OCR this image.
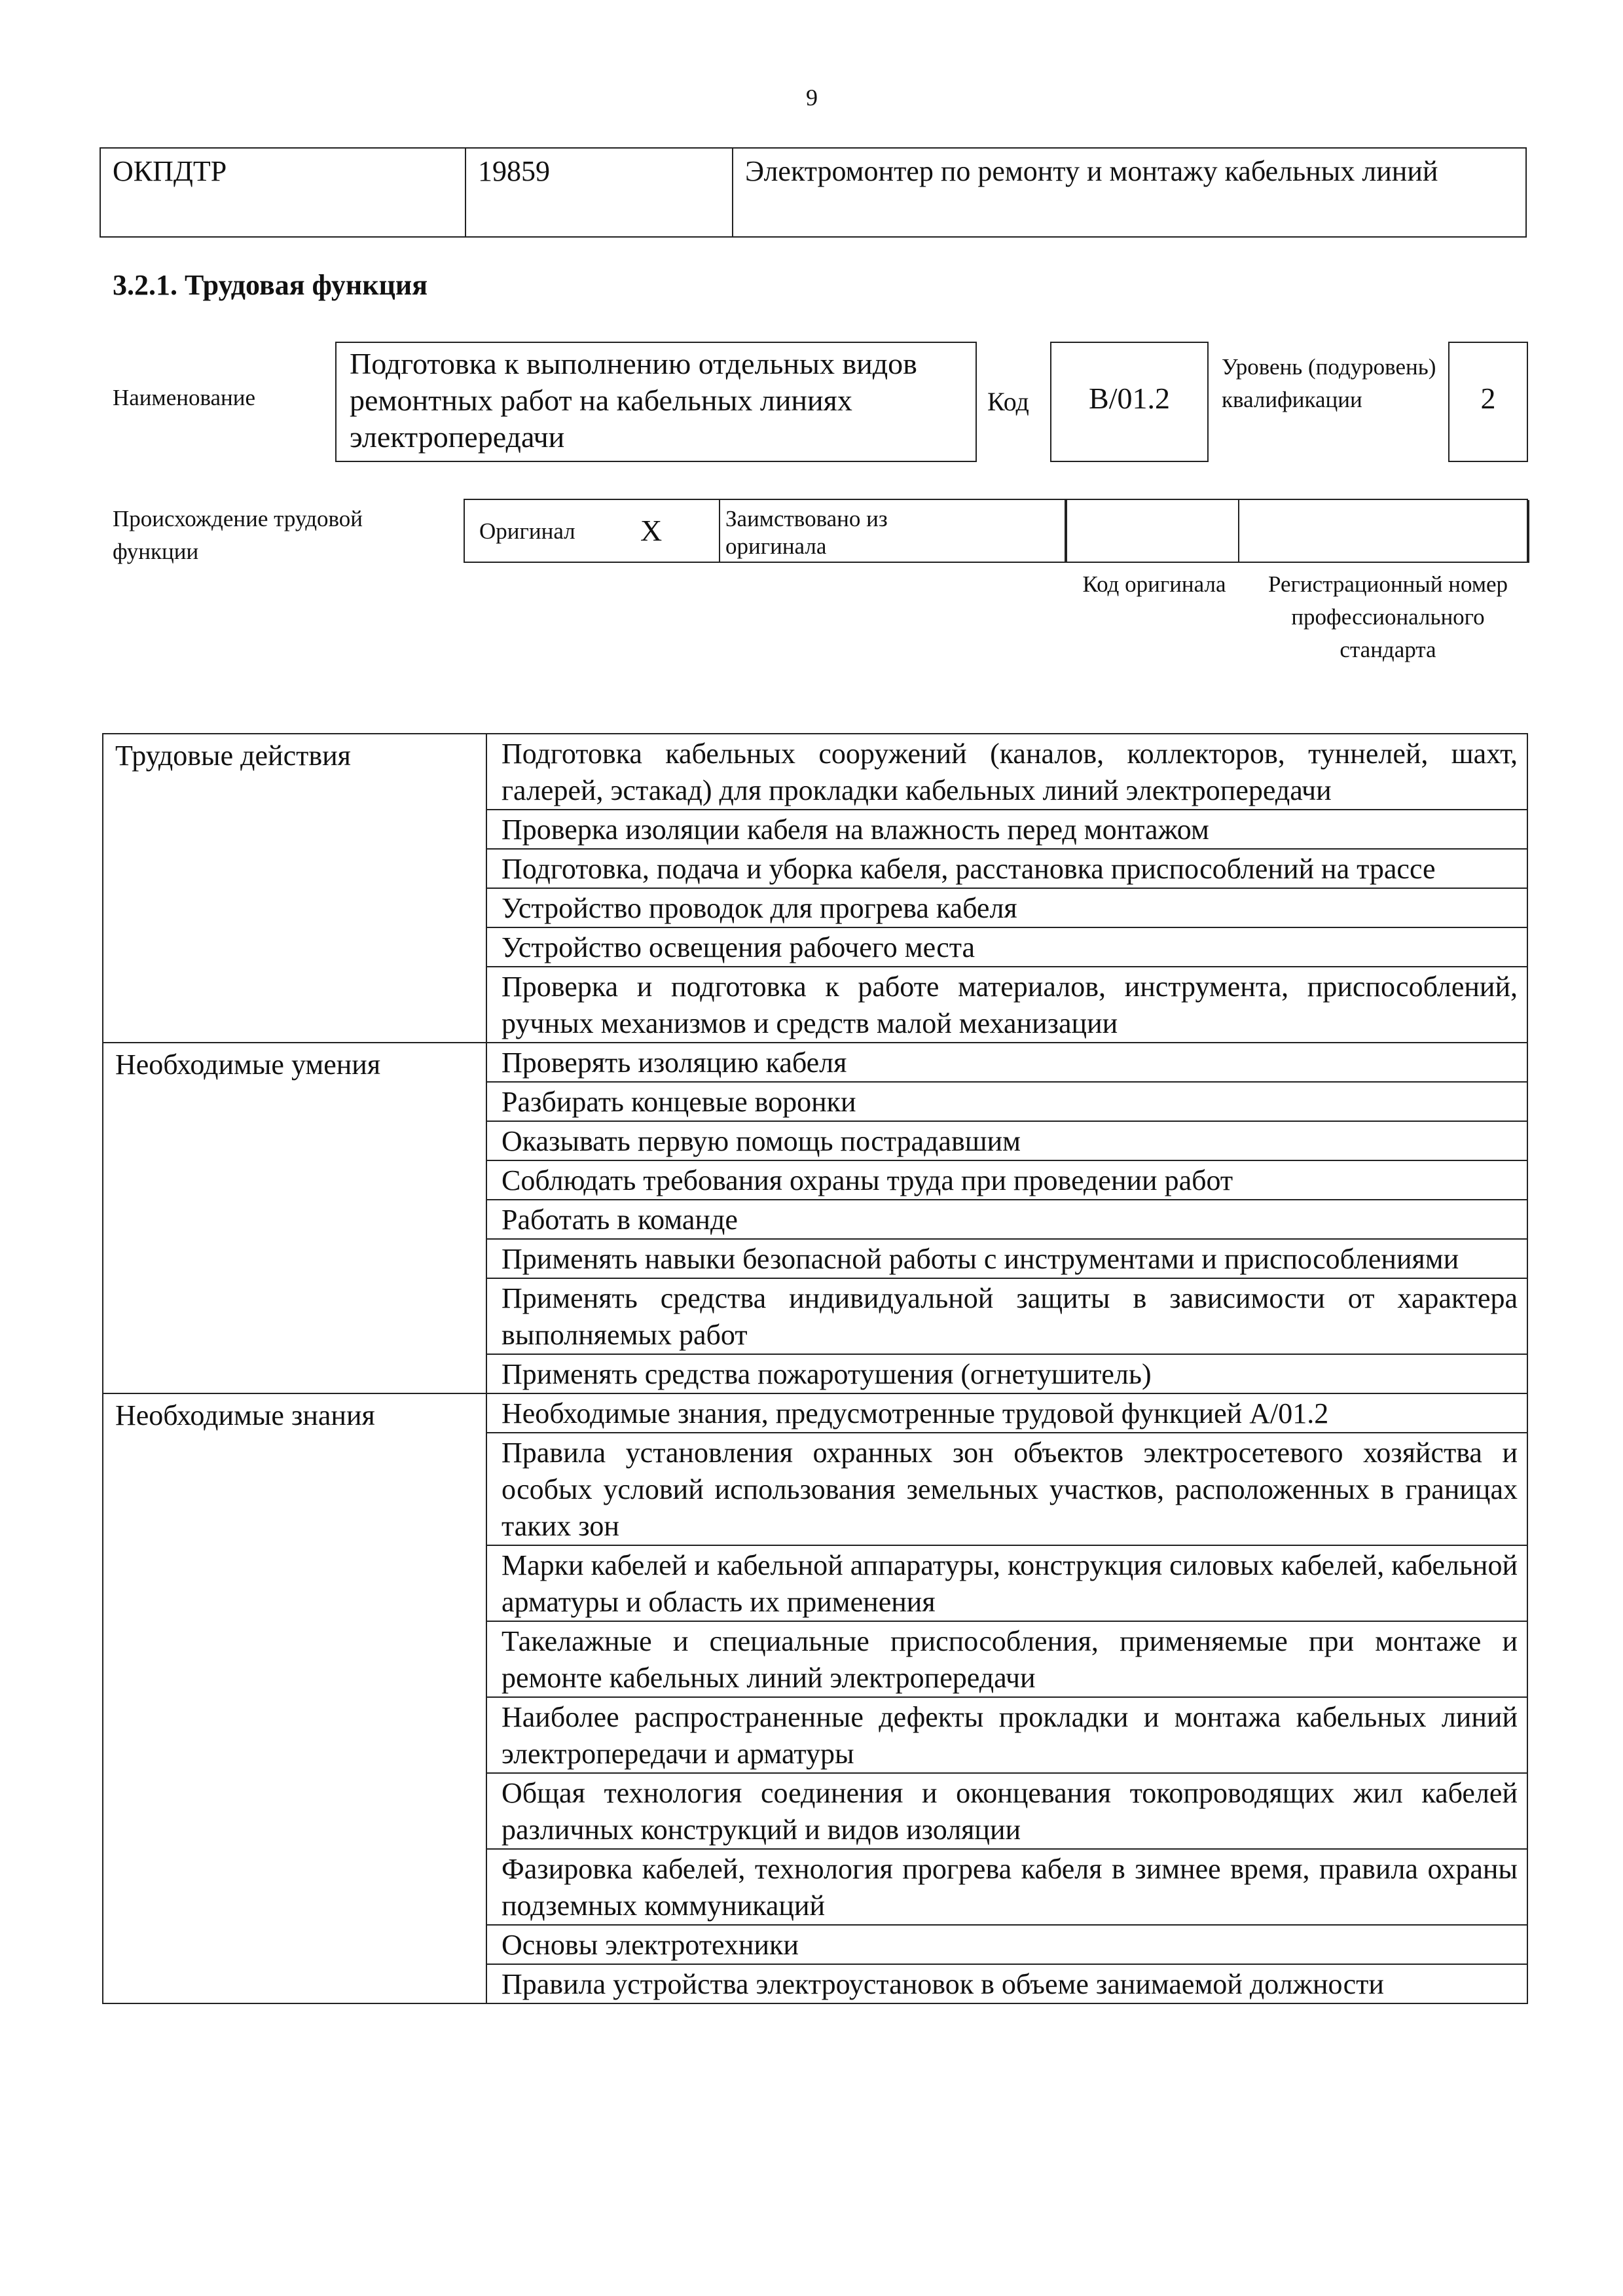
9
ОКПДТР	19859	Электромонтер по ремонту и монтажу кабельных линий
3.2.1. Трудовая функция
Наименование
Подготовка к выполнению отдельных видов ремонтных работ на кабельных линиях электропередачи
Код	B/01.2
Уровень (подуровень) квалификации	2
Происхождение трудовой функции
Оригинал Х	Заимствовано из оригинала
Код оригинала	Регистрационный номер профессионального стандарта
Трудовые действия	Подготовка кабельных сооружений (каналов, коллекторов, туннелей, шахт, галерей, эстакад) для прокладки кабельных линий электропередачи
	Проверка изоляции кабеля на влажность перед монтажом
	Подготовка, подача и уборка кабеля, расстановка приспособлений на трассе
	Устройство проводок для прогрева кабеля
	Устройство освещения рабочего места
	Проверка и подготовка к работе материалов, инструмента, приспособлений, ручных механизмов и средств малой механизации
Необходимые умения	Проверять изоляцию кабеля
	Разбирать концевые воронки
	Оказывать первую помощь пострадавшим
	Соблюдать требования охраны труда при проведении работ
	Работать в команде
	Применять навыки безопасной работы с инструментами и приспособлениями
	Применять средства индивидуальной защиты в зависимости от характера выполняемых работ
	Применять средства пожаротушения (огнетушитель)
Необходимые знания	Необходимые знания, предусмотренные трудовой функцией A/01.2
	Правила установления охранных зон объектов электросетевого хозяйства и особых условий использования земельных участков, расположенных в границах таких зон
	Марки кабелей и кабельной аппаратуры, конструкция силовых кабелей, кабельной арматуры и область их применения
	Такелажные и специальные приспособления, применяемые при монтаже и ремонте кабельных линий электропередачи
	Наиболее распространенные дефекты прокладки и монтажа кабельных линий электропередачи и арматуры
	Общая технология соединения и оконцевания токопроводящих жил кабелей различных конструкций и видов изоляции
	Фазировка кабелей, технология прогрева кабеля в зимнее время, правила охраны подземных коммуникаций
	Основы электротехники
	Правила устройства электроустановок в объеме занимаемой должности
